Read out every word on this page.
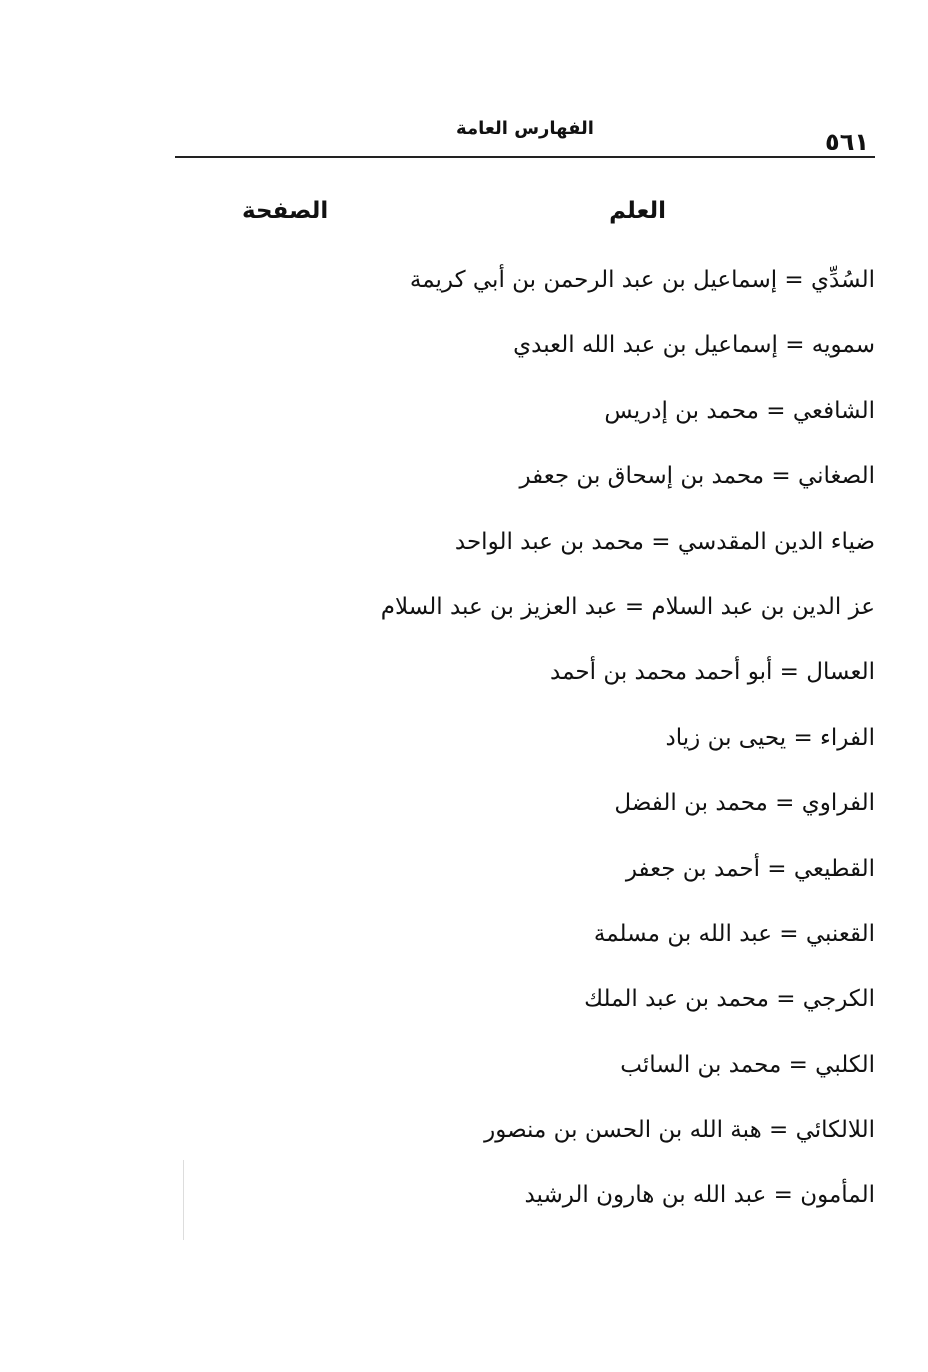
٥٦١
الفهارس العامة
العلم
الصفحة
السُدِّي = إسماعيل بن عبد الرحمن بن أبي كريمة
سمويه = إسماعيل بن عبد الله العبدي
الشافعي = محمد بن إدريس
الصغاني = محمد بن إسحاق بن جعفر
ضياء الدين المقدسي = محمد بن عبد الواحد
عز الدين بن عبد السلام = عبد العزيز بن عبد السلام
العسال = أبو أحمد محمد بن أحمد
الفراء = يحيى بن زياد
الفراوي = محمد بن الفضل
القطيعي = أحمد بن جعفر
القعنبي = عبد الله بن مسلمة
الكرجي = محمد بن عبد الملك
الكلبي = محمد بن السائب
اللالكائي = هبة الله بن الحسن بن منصور
المأمون = عبد الله بن هارون الرشيد
